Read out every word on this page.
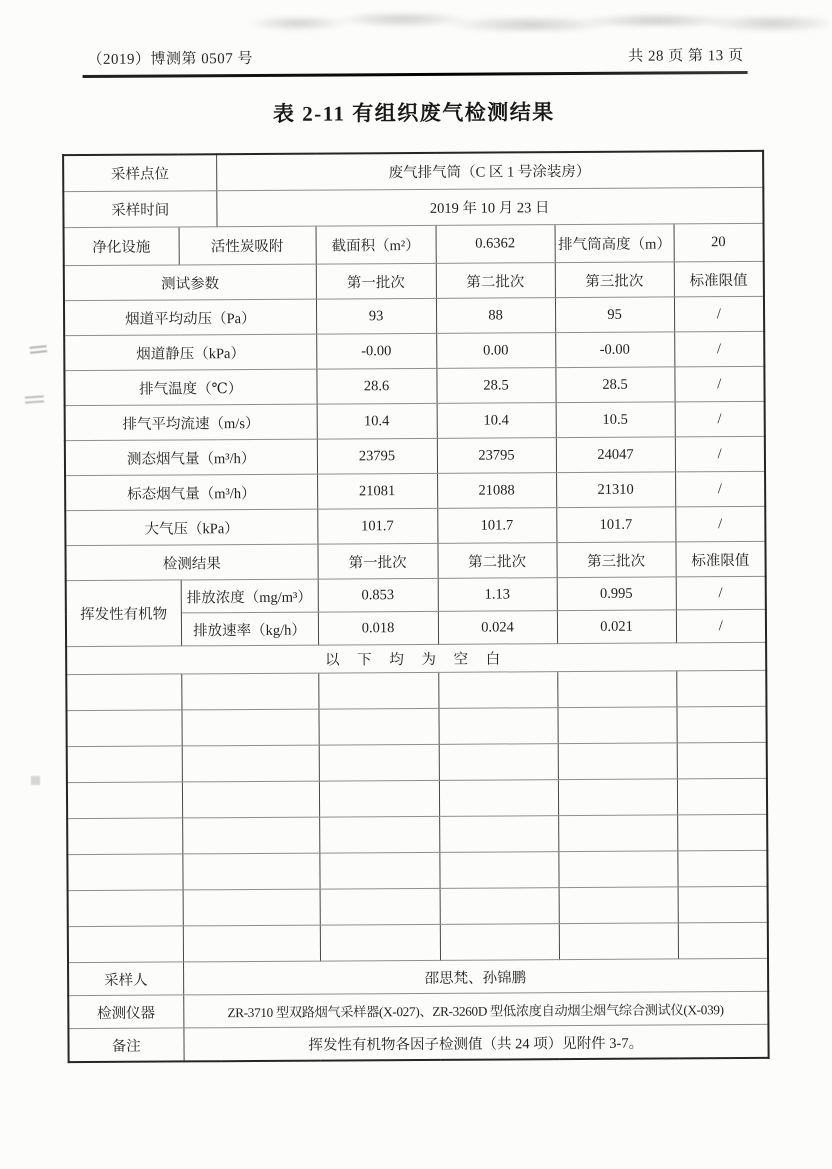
（2019）博测第 0507 号	共 28 页 第 13 页
表 2-11 有组织废气检测结果
采样点位		废气排气筒（C 区 1 号涂装房）				
采样时间		2019 年 10 月 23 日				
净化设施	活性炭吸附		截面积（m²）	0.6362	排气筒高度（m）	20
测试参数			第一批次	第二批次	第三批次	标准限值
烟道平均动压（Pa）			93	88	95	/
烟道静压（kPa）			-0.00	0.00	-0.00	/
排气温度（℃）			28.6	28.5	28.5	/
排气平均流速（m/s）			10.4	10.4	10.5	/
测态烟气量（m³/h）			23795	23795	24047	/
标态烟气量（m³/h）			21081	21088	21310	/
大气压（kPa）			101.7	101.7	101.7	/
检测结果			第一批次	第二批次	第三批次	标准限值
挥发性有机物	排放浓度（mg/m³）		0.853	1.13	0.995	/
	排放速率（kg/h）		0.018	0.024	0.021	/
以 下 均 为 空 白						

采样人	邵思梵、孙锦鹏					
检测仪器	ZR-3710 型双路烟气采样器(X-027)、ZR-3260D 型低浓度自动烟尘烟气综合测试仪(X-039)					
备注	挥发性有机物各因子检测值（共 24 项）见附件 3-7。					
